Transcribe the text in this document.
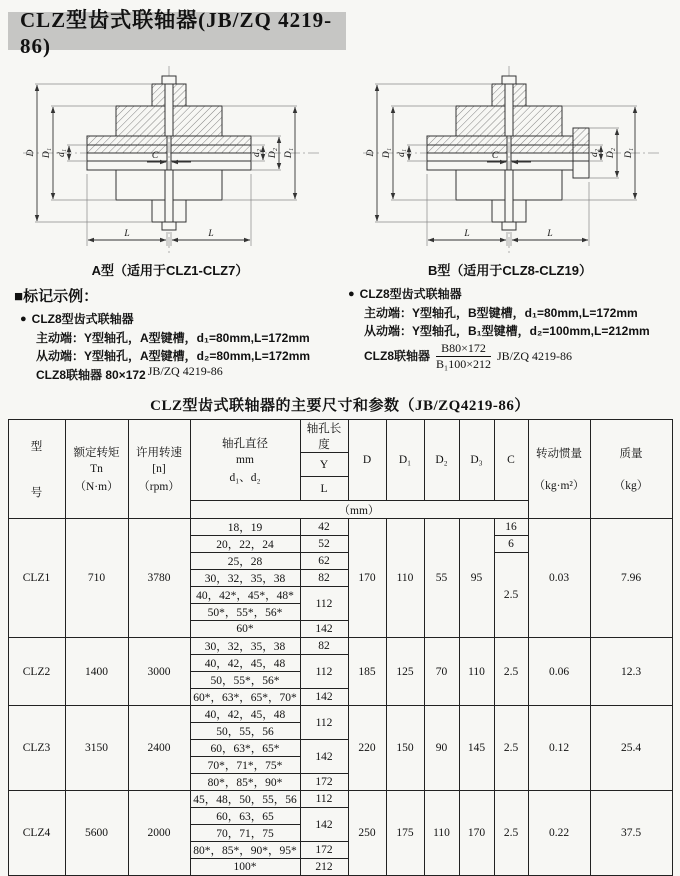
CLZ型齿式联轴器(JB/ZQ 4219-86)
D D₁ d₁	C	d₂ D₂ D₁
L	L
A型（适用于CLZ1-CLZ7）
D D₁ d₁	C	d₂ D₂ D₁
L	L
B型（适用于CLZ8-CLZ19）
■标记示例：
● CLZ8型齿式联轴器
主动端：Y型轴孔，A型键槽，d₁=80mm,L=172mm
从动端：Y型轴孔，A型键槽，d₂=80mm,L=172mm
CLZ8联轴器 80×172 JB/ZQ 4219-86
● CLZ8型齿式联轴器
主动端：Y型轴孔，B型键槽，d₁=80mm,L=172mm
从动端：Y型轴孔，B₁型键槽，d₂=100mm,L=212mm
CLZ8联轴器 $\frac{B80\times 172}{\text{B₁100×212}} JB/ZQ$ 4219-86
CLZ型齿式联轴器的主要尺寸和参数（JB/ZQ4219-86）
型
号	额定转矩
Tn
（N·m）	许用转速
[n]
（rpm）	轴孔直径
mm
d₁、d₂	轴孔长度	D	D₁	D₂	D₃	C	转动惯量
（kg·m²）	质量
（kg）

				Y							
				L							
			（mm）								
CLZ1	710	3780	18，19	42	170	110	55	95	16	0.03	7.96
			20，22，24	52					6		
			25，28	62					2.5		
			30，32，35，38	82							
			40，42*，45*，48*	112							
			50*，55*，56*								
			60*	142							
CLZ2	1400	3000	30，32，35，38	82	185	125	70	110	2.5	0.06	12.3
			40，42，45，48	112							
			50，55*，56*								
			60*，63*，65*，70*	142							
CLZ3	3150	2400	40，42，45，48	112	220	150	90	145	2.5	0.12	25.4
			50，55，56								
			60，63*，65*	142							
			70*，71*，75*								
			80*，85*，90*	172							
CLZ4	5600	2000	45，48，50，55，56	112	250	175	110	170	2.5	0.22	37.5
			60，63，65	142							
			70，71，75								
			80*，85*，90*，95*	172							
			100*	212							
